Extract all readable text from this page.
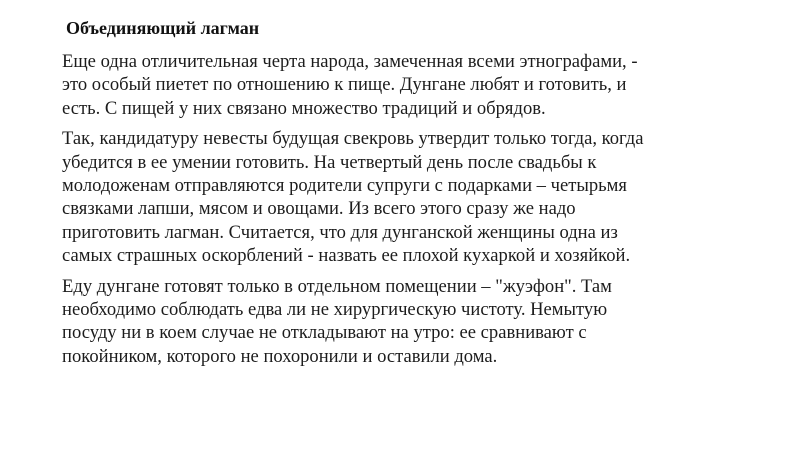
Объединяющий лагман

Еще одна отличительная черта народа, замеченная всеми этнографами, -
это особый пиетет по отношению к пище. Дунгане любят и готовить, и
есть. С пищей у них связано множество традиций и обрядов.

Так, кандидатуру невесты будущая свекровь утвердит только тогда, когда
убедится в ее умении готовить. На четвертый день после свадьбы к
молодоженам отправляются родители супруги с подарками – четырьмя
связками лапши, мясом и овощами. Из всего этого сразу же надо
приготовить лагман. Считается, что для дунганской женщины одна из
самых страшных оскорблений - назвать ее плохой кухаркой и хозяйкой.

Еду дунгане готовят только в отдельном помещении – "жуэфон". Там
необходимо соблюдать едва ли не хирургическую чистоту. Немытую
посуду ни в коем случае не откладывают на утро: ее сравнивают с
покойником, которого не похоронили и оставили дома.
